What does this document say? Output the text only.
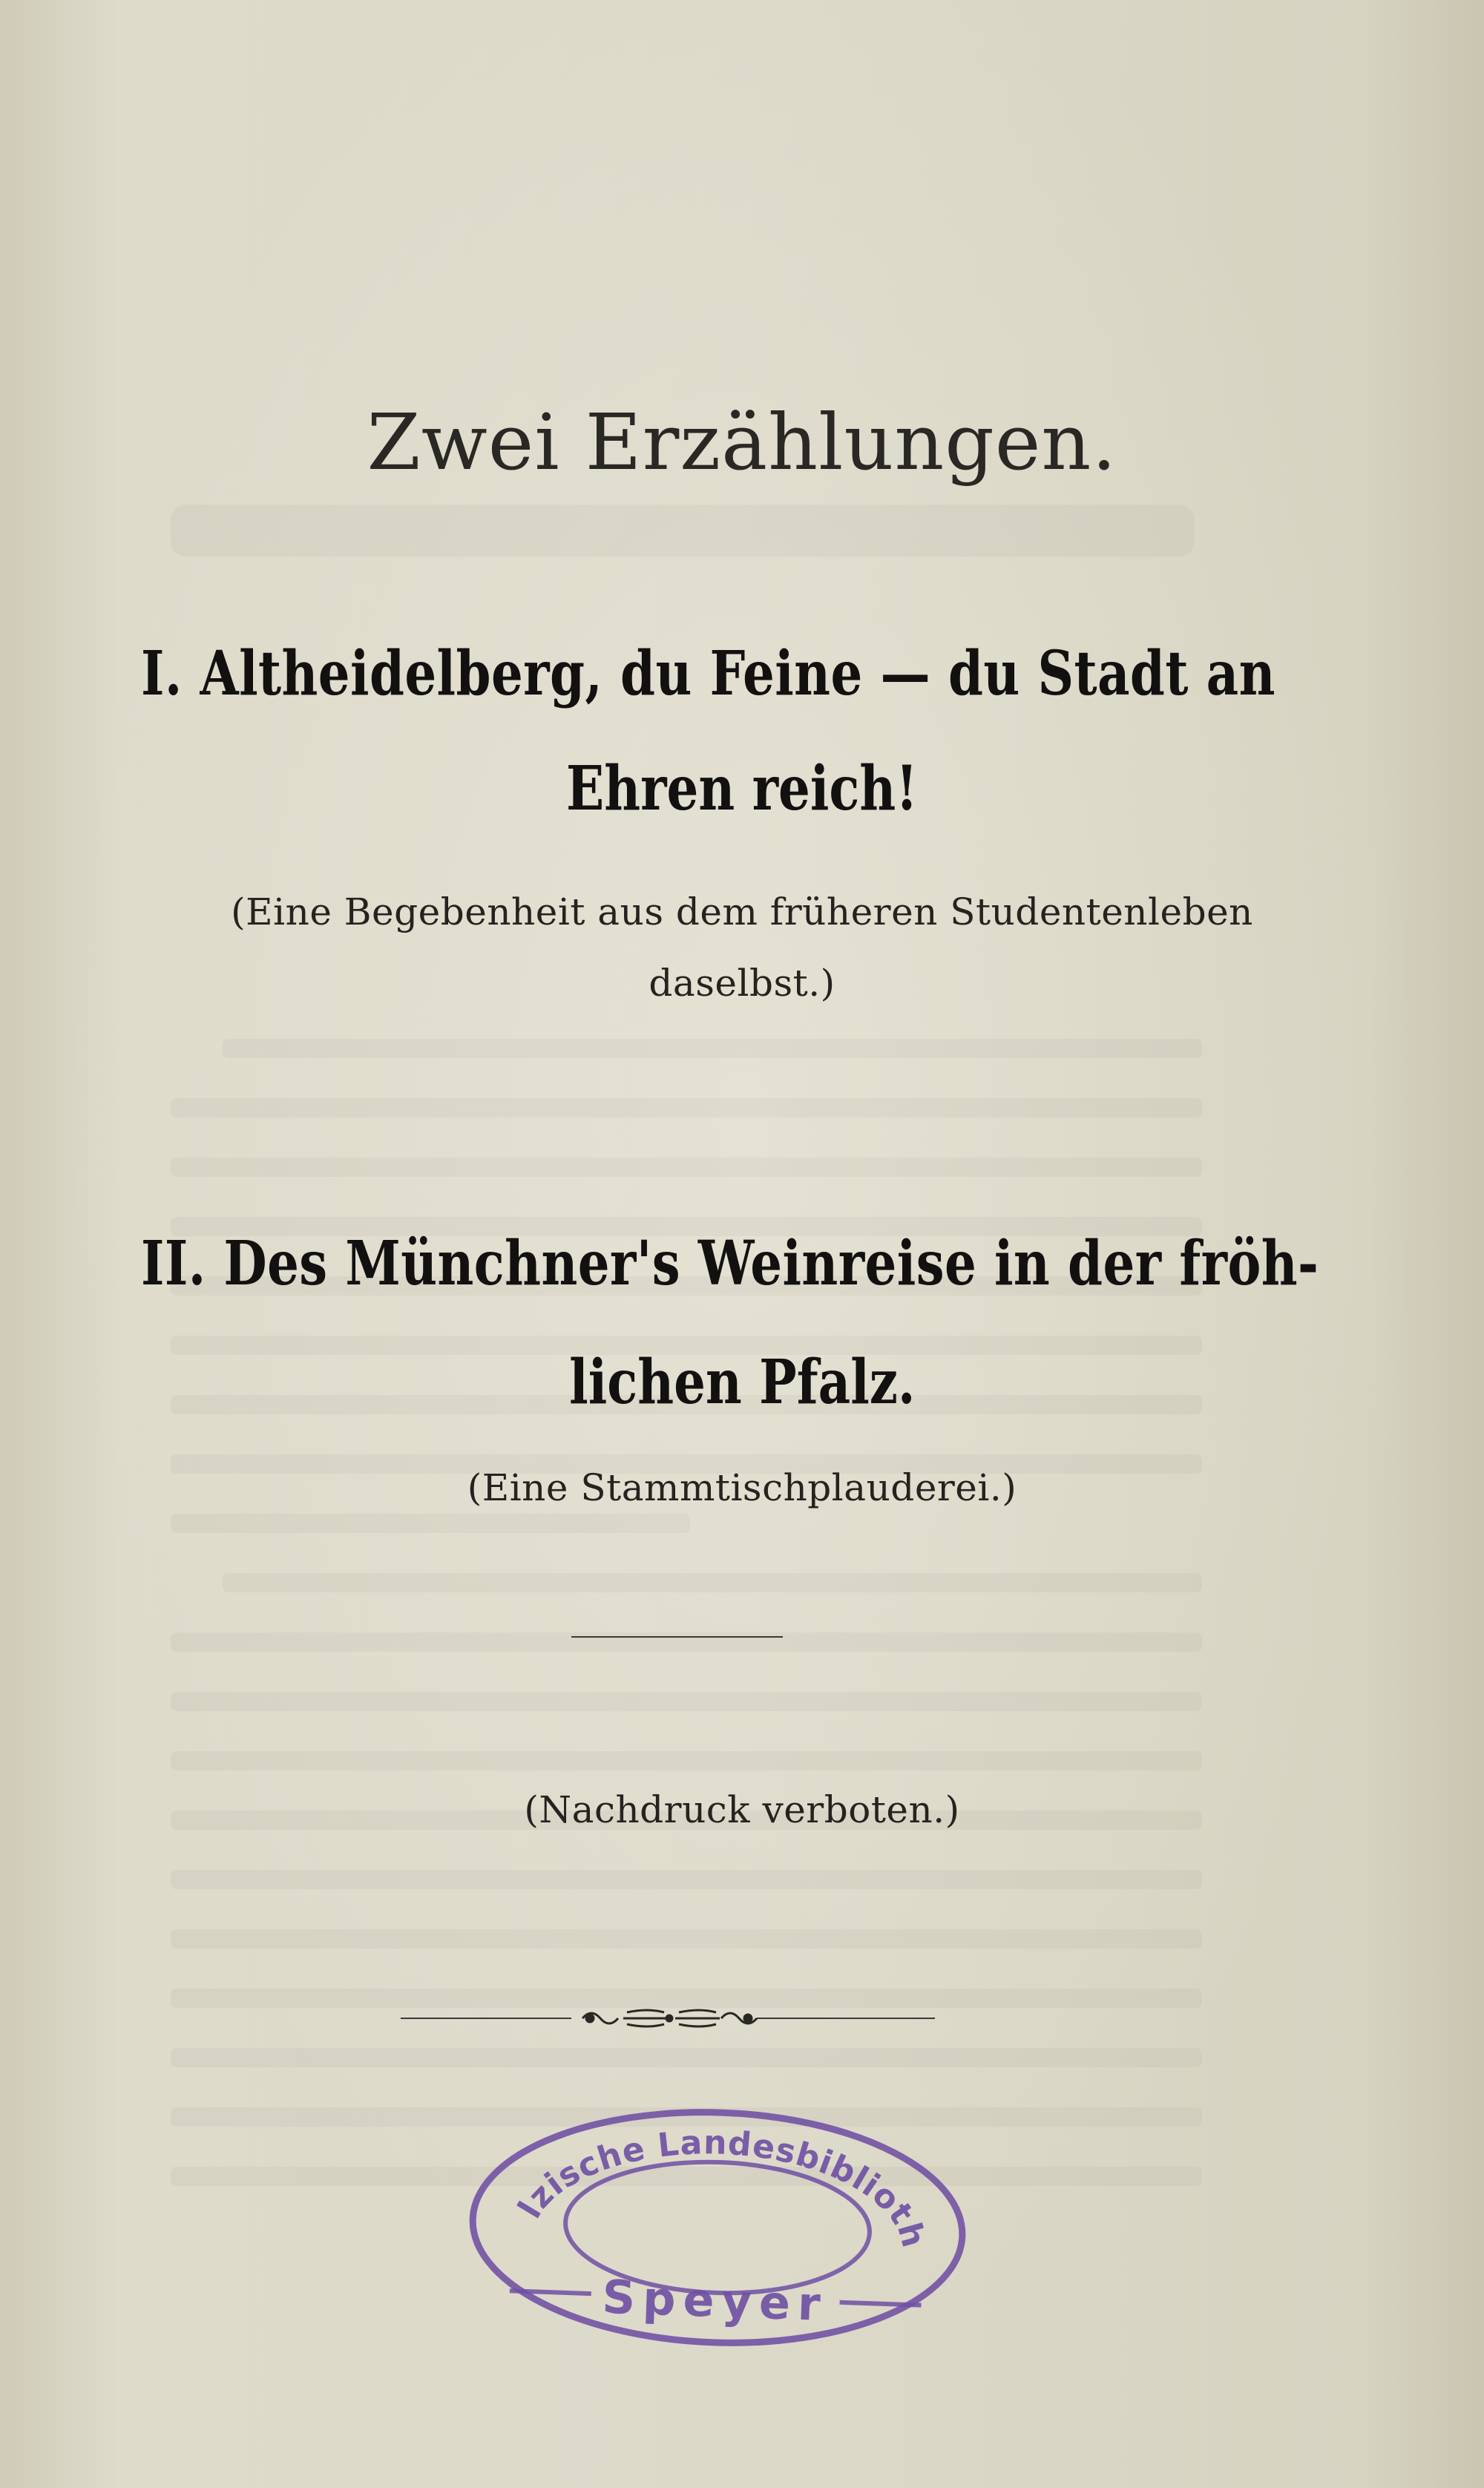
Zwei Erzählungen.
I. Altheidelberg, du Feine — du Stadt an
Ehren reich!
(Eine Begebenheit aus dem früheren Studentenleben
daselbst.)
II. Des Münchner's Weinreise in der fröh-
lichen Pfalz.
(Eine Stammtischplauderei.)
(Nachdruck verboten.)
Pfälzische Landesbibliothek
Speyer
